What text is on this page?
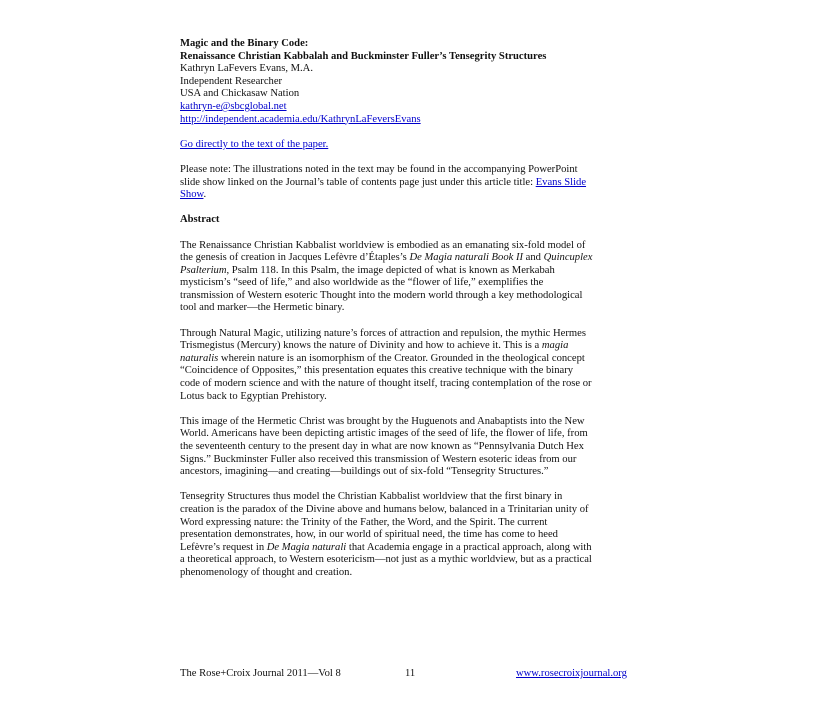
Magic and the Binary Code:
Renaissance Christian Kabbalah and Buckminster Fuller’s Tensegrity Structures
Kathryn LaFevers Evans, M.A.
Independent Researcher
USA and Chickasaw Nation
kathryn-e@sbcglobal.net
http://independent.academia.edu/KathrynLaFeversEvans
Go directly to the text of the paper.
Please note: The illustrations noted in the text may be found in the accompanying PowerPoint
slide show linked on the Journal’s table of contents page just under this article title: Evans Slide
Show.
Abstract
The Renaissance Christian Kabbalist worldview is embodied as an emanating six-fold model of
the genesis of creation in Jacques Lefèvre d’Étaples’s De Magia naturali Book II and Quincuplex
Psalterium, Psalm 118. In this Psalm, the image depicted of what is known as Merkabah
mysticism’s “seed of life,” and also worldwide as the “flower of life,” exemplifies the
transmission of Western esoteric Thought into the modern world through a key methodological
tool and marker—the Hermetic binary.
Through Natural Magic, utilizing nature’s forces of attraction and repulsion, the mythic Hermes
Trismegistus (Mercury) knows the nature of Divinity and how to achieve it. This is a magia
naturalis wherein nature is an isomorphism of the Creator. Grounded in the theological concept
“Coincidence of Opposites,” this presentation equates this creative technique with the binary
code of modern science and with the nature of thought itself, tracing contemplation of the rose or
Lotus back to Egyptian Prehistory.
This image of the Hermetic Christ was brought by the Huguenots and Anabaptists into the New
World. Americans have been depicting artistic images of the seed of life, the flower of life, from
the seventeenth century to the present day in what are now known as “Pennsylvania Dutch Hex
Signs.” Buckminster Fuller also received this transmission of Western esoteric ideas from our
ancestors, imagining—and creating—buildings out of six-fold “Tensegrity Structures.”
Tensegrity Structures thus model the Christian Kabbalist worldview that the first binary in
creation is the paradox of the Divine above and humans below, balanced in a Trinitarian unity of
Word expressing nature: the Trinity of the Father, the Word, and the Spirit. The current
presentation demonstrates, how, in our world of spiritual need, the time has come to heed
Lefèvre’s request in De Magia naturali that Academia engage in a practical approach, along with
a theoretical approach, to Western esotericism—not just as a mythic worldview, but as a practical
phenomenology of thought and creation.
The Rose+Croix Journal 2011—Vol 8	11	www.rosecroixjournal.org
